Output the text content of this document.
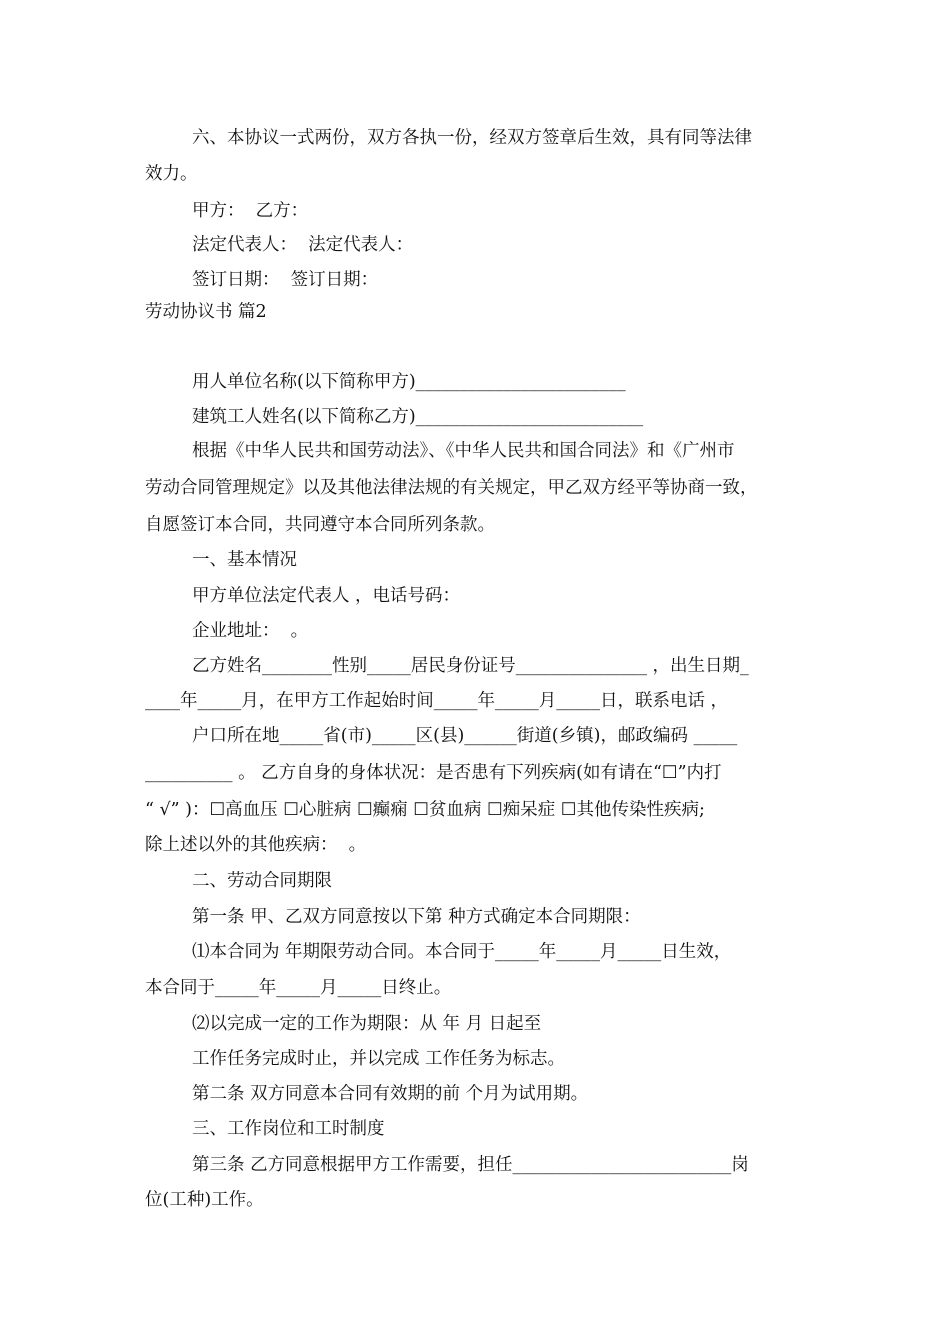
六、本协议一式两份，双方各执一份，经双方签章后生效，具有同等法律
效力。
甲方：  乙方：
法定代表人：  法定代表人：
签订日期：  签订日期：
劳动协议书 篇2
用人单位名称(以下简称甲方)________________________
建筑工人姓名(以下简称乙方)__________________________
根据《中华人民共和国劳动法》、《中华人民共和国合同法》和《广州市
劳动合同管理规定》以及其他法律法规的有关规定，甲乙双方经平等协商一致，
自愿签订本合同，共同遵守本合同所列条款。
一、基本情况
甲方单位法定代表人 ，电话号码：
企业地址：  。
乙方姓名________性别_____居民身份证号_______________ ，出生日期_
____年_____月，在甲方工作起始时间_____年_____月_____日，联系电话 ，
户口所在地_____省(市)_____区(县)______街道(乡镇)，邮政编码 _____
__________ 。 乙方自身的身体状况：是否患有下列疾病(如有请在“☐”内打
“ √” )：☐高血压 ☐心脏病 ☐癫痫 ☐贫血病 ☐痴呆症 ☐其他传染性疾病;
除上述以外的其他疾病：  。
二、劳动合同期限
第一条 甲、乙双方同意按以下第 种方式确定本合同期限：
⑴本合同为 年期限劳动合同。本合同于_____年_____月_____日生效，
本合同于_____年_____月_____日终止。
⑵以完成一定的工作为期限：从 年 月 日起至
工作任务完成时止，并以完成 工作任务为标志。
第二条 双方同意本合同有效期的前 个月为试用期。
三、工作岗位和工时制度
第三条 乙方同意根据甲方工作需要，担任_________________________岗
位(工种)工作。
